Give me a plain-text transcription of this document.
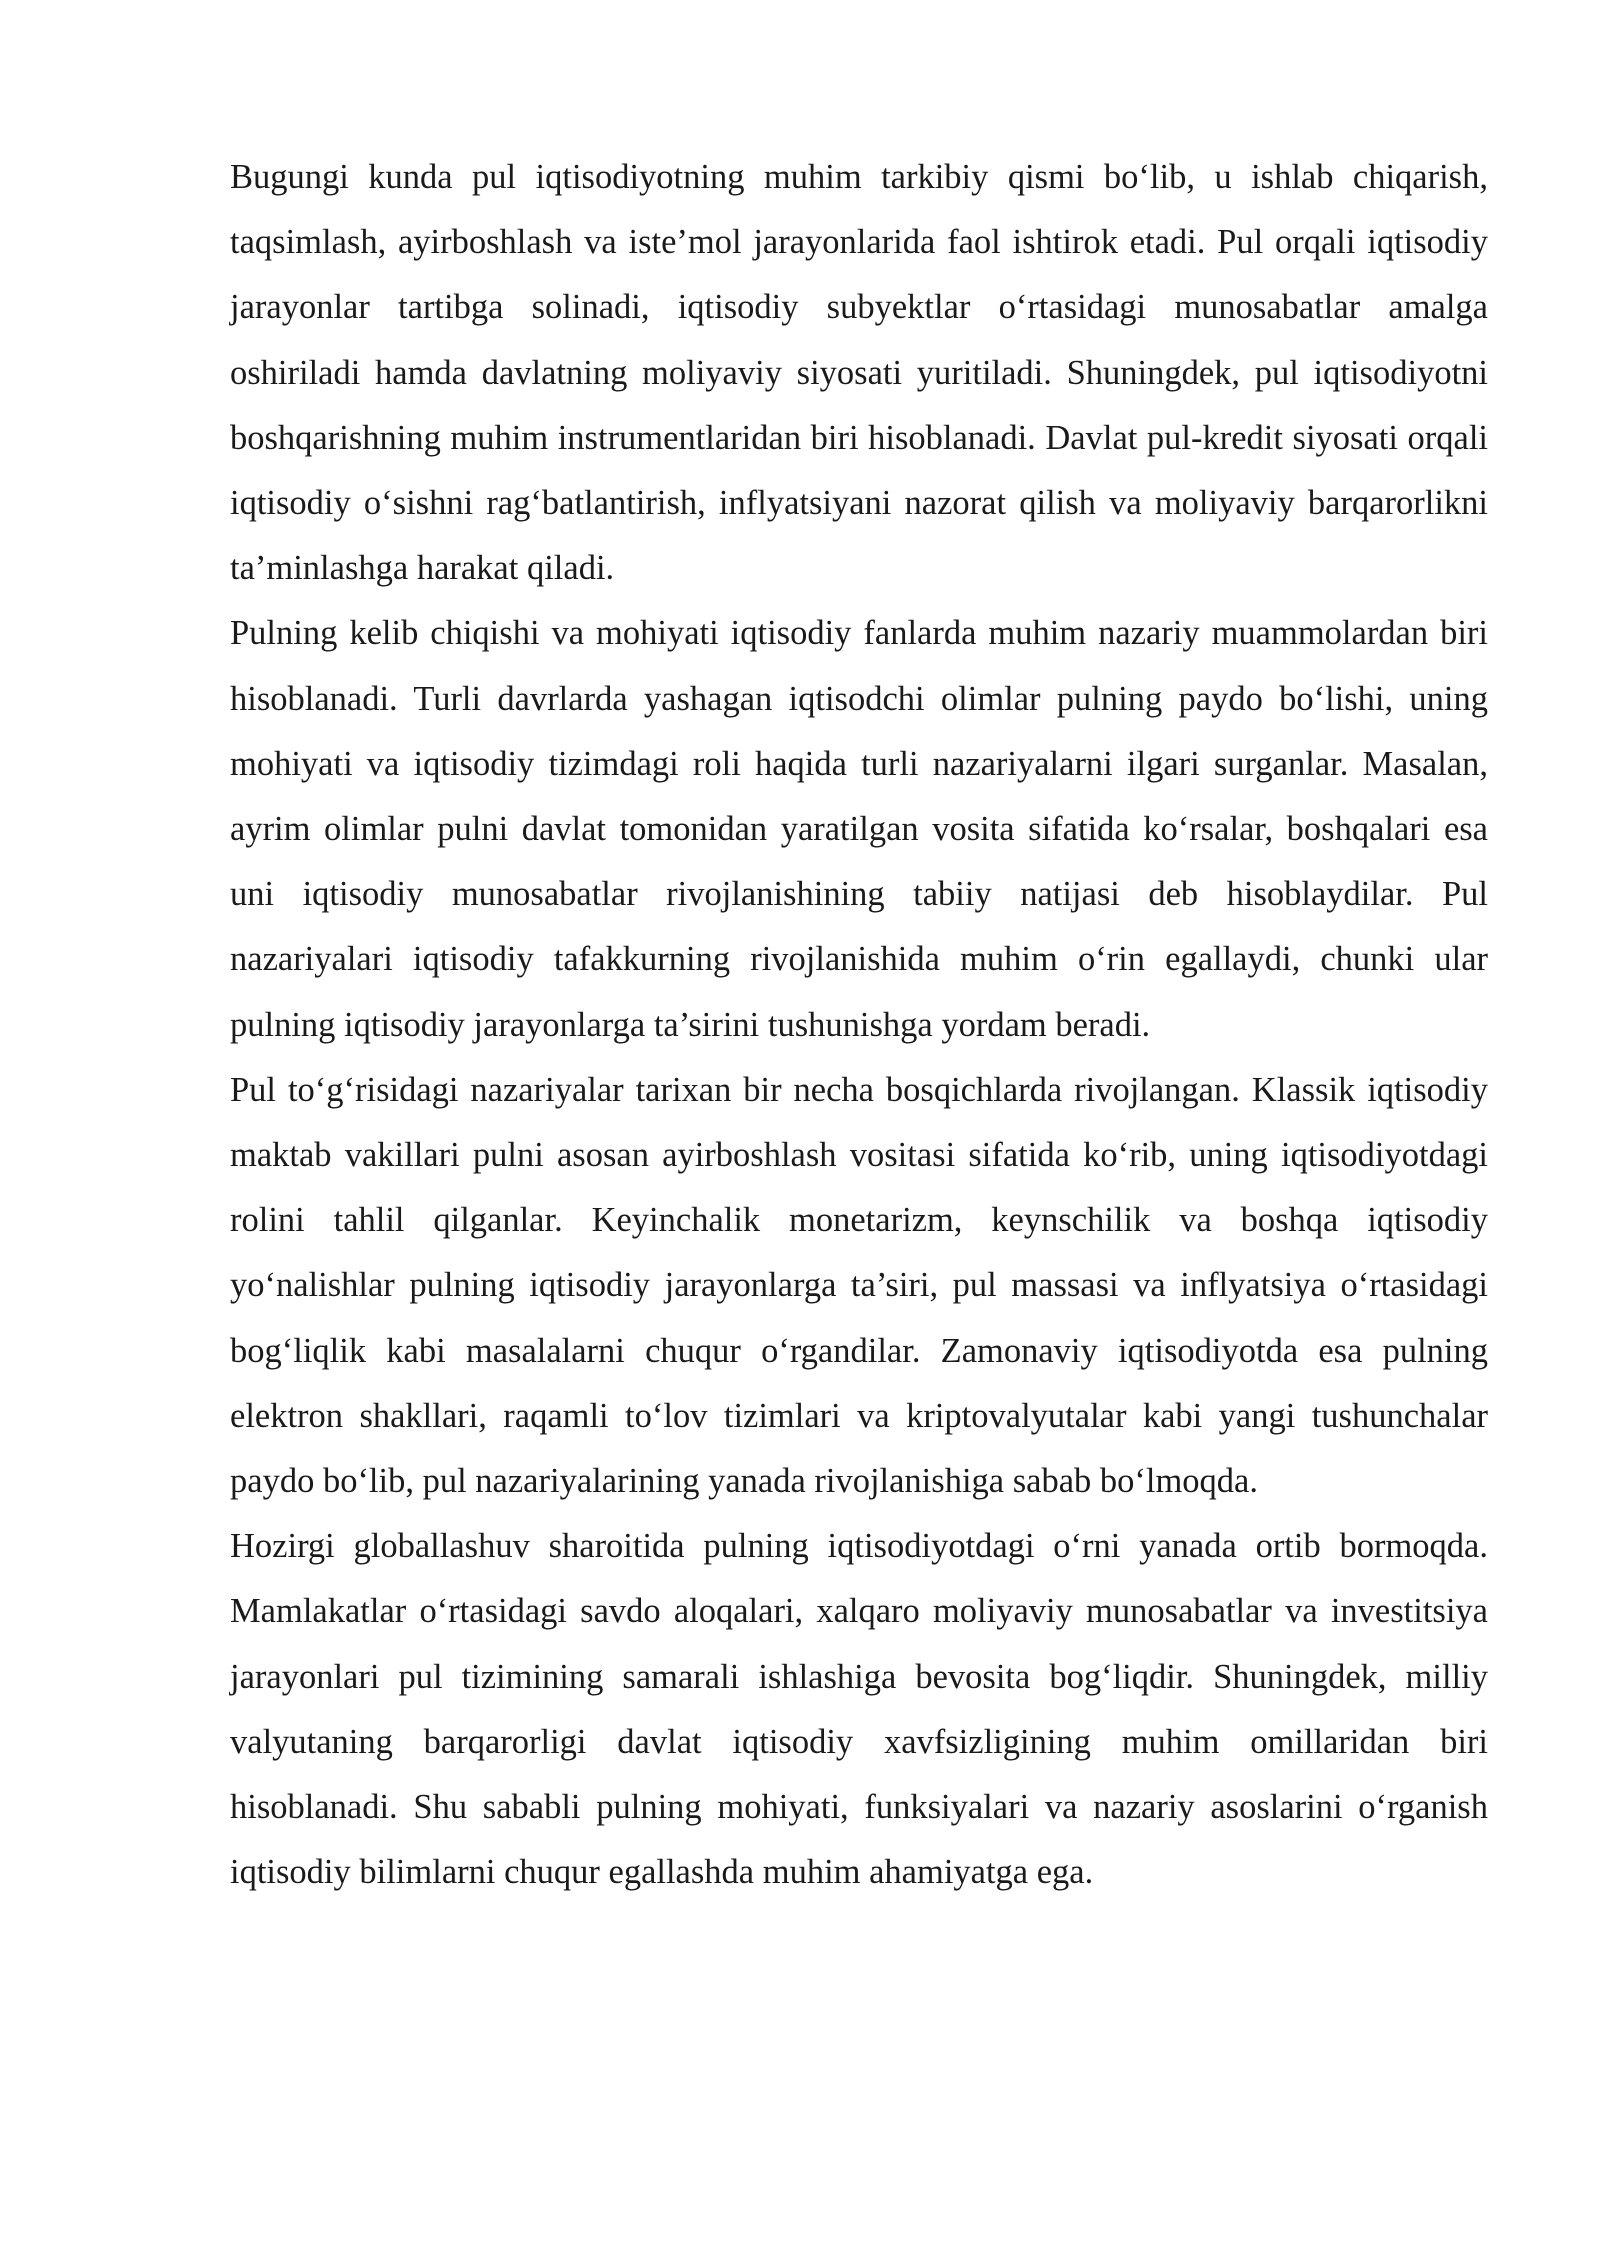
Bugungi kunda pul iqtisodiyotning muhim tarkibiy qismi bo‘lib, u ishlab chiqarish, taqsimlash, ayirboshlash va iste’mol jarayonlarida faol ishtirok etadi. Pul orqali iqtisodiy jarayonlar tartibga solinadi, iqtisodiy subyektlar o‘rtasidagi munosabatlar amalga oshiriladi hamda davlatning moliyaviy siyosati yuritiladi. Shuningdek, pul iqtisodiyotni boshqarishning muhim instrumentlaridan biri hisoblanadi. Davlat pul-kredit siyosati orqali iqtisodiy o‘sishni rag‘batlantirish, inflyatsiyani nazorat qilish va moliyaviy barqarorlikni ta’minlashga harakat qiladi.

Pulning kelib chiqishi va mohiyati iqtisodiy fanlarda muhim nazariy muammolardan biri hisoblanadi. Turli davrlarda yashagan iqtisodchi olimlar pulning paydo bo‘lishi, uning mohiyati va iqtisodiy tizimdagi roli haqida turli nazariyalarni ilgari surganlar. Masalan, ayrim olimlar pulni davlat tomonidan yaratilgan vosita sifatida ko‘rsalar, boshqalari esa uni iqtisodiy munosabatlar rivojlanishining tabiiy natijasi deb hisoblaydilar. Pul nazariyalari iqtisodiy tafakkurning rivojlanishida muhim o‘rin egallaydi, chunki ular pulning iqtisodiy jarayonlarga ta’sirini tushunishga yordam beradi.

Pul to‘g‘risidagi nazariyalar tarixan bir necha bosqichlarda rivojlangan. Klassik iqtisodiy maktab vakillari pulni asosan ayirboshlash vositasi sifatida ko‘rib, uning iqtisodiyotdagi rolini tahlil qilganlar. Keyinchalik monetarizm, keynschilik va boshqa iqtisodiy yo‘nalishlar pulning iqtisodiy jarayonlarga ta’siri, pul massasi va inflyatsiya o‘rtasidagi bog‘liqlik kabi masalalarni chuqur o‘rgandilar. Zamonaviy iqtisodiyotda esa pulning elektron shakllari, raqamli to‘lov tizimlari va kriptovalyutalar kabi yangi tushunchalar paydo bo‘lib, pul nazariyalarining yanada rivojlanishiga sabab bo‘lmoqda.

Hozirgi globallashuv sharoitida pulning iqtisodiyotdagi o‘rni yanada ortib bormoqda. Mamlakatlar o‘rtasidagi savdo aloqalari, xalqaro moliyaviy munosabatlar va investitsiya jarayonlari pul tizimining samarali ishlashiga bevosita bog‘liqdir. Shuningdek, milliy valyutaning barqarorligi davlat iqtisodiy xavfsizligining muhim omillaridan biri hisoblanadi. Shu sababli pulning mohiyati, funksiyalari va nazariy asoslarini o‘rganish iqtisodiy bilimlarni chuqur egallashda muhim ahamiyatga ega.
